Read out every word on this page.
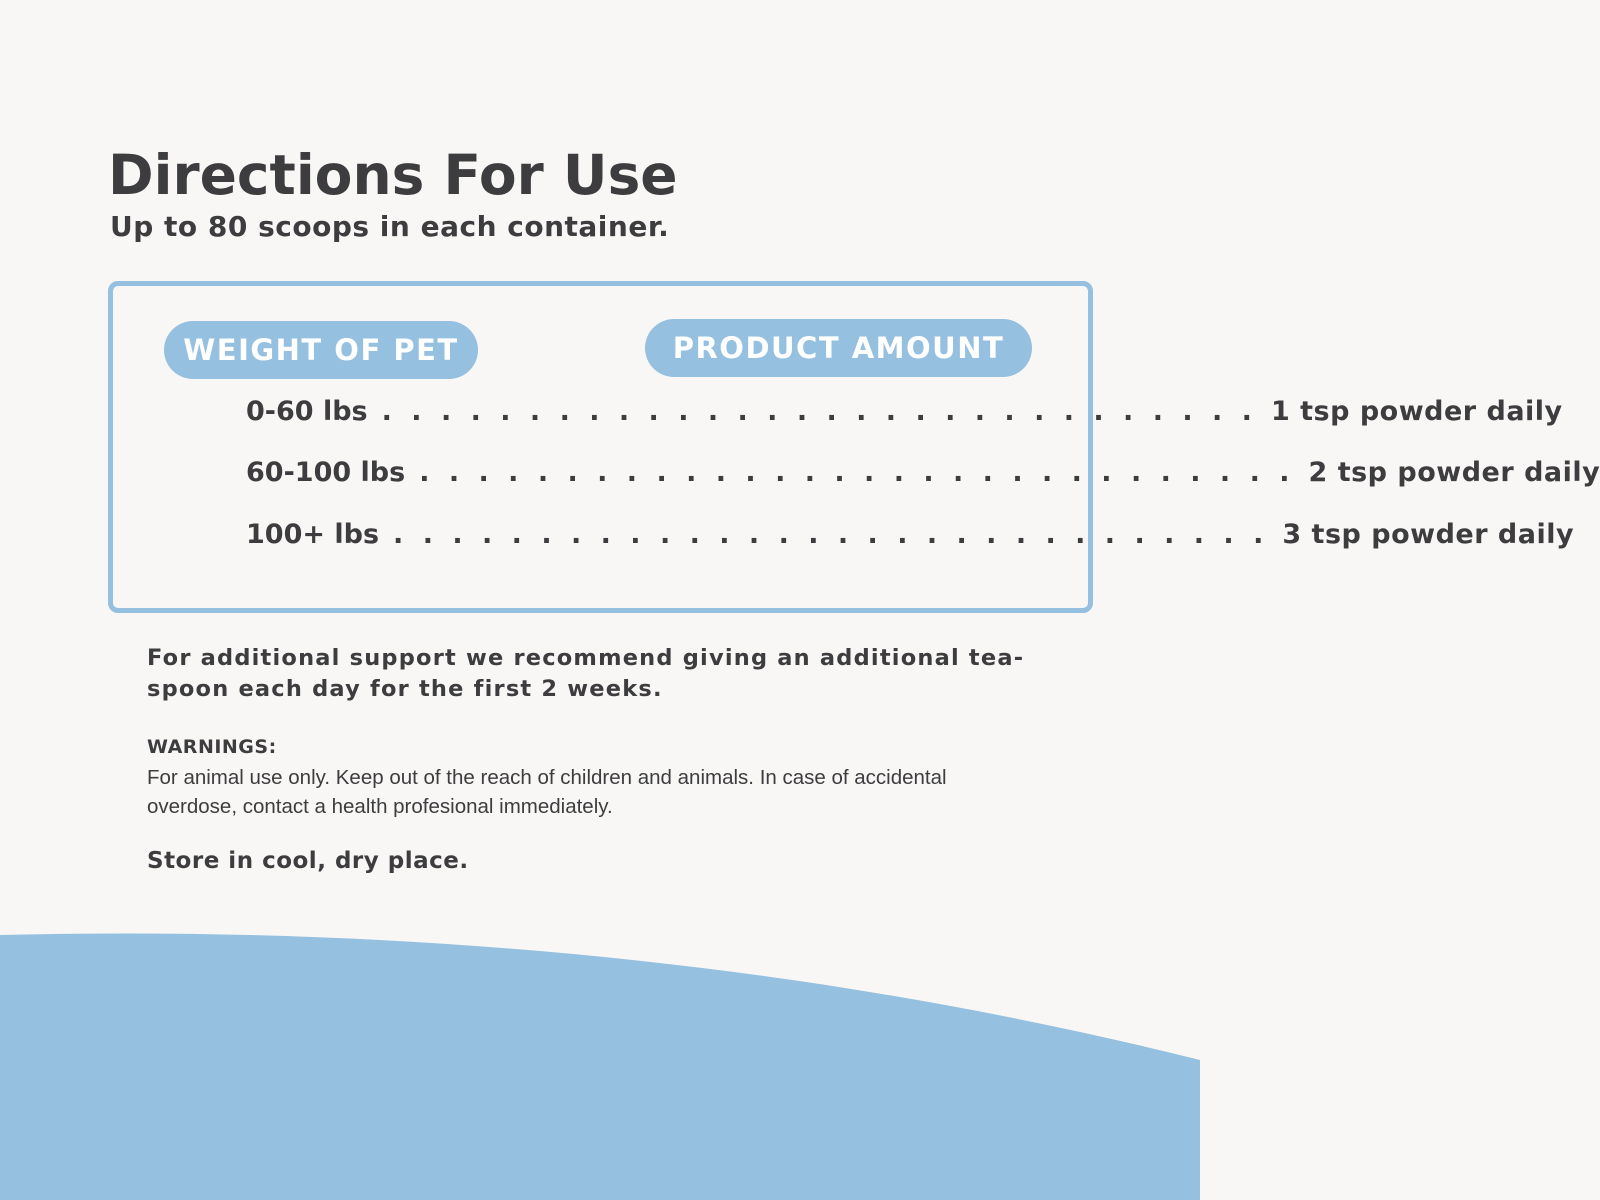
Directions For Use
Up to 80 scoops in each container.
WEIGHT OF PET	PRODUCT AMOUNT
0-60 lbs . . . . . . . . . . . . . . . . . . . . . . . . . . . . . . 1 tsp powder daily
60-100 lbs . . . . . . . . . . . . . . . . . . . . . . . . . . . . . . 2 tsp powder daily
100+ lbs . . . . . . . . . . . . . . . . . . . . . . . . . . . . . . 3 tsp powder daily

For additional support we recommend giving an additional tea-spoon each day for the first 2 weeks.

WARNINGS:

For animal use only. Keep out of the reach of children and animals. In case of accidental overdose, contact a health profesional immediately.

Store in cool, dry place.
